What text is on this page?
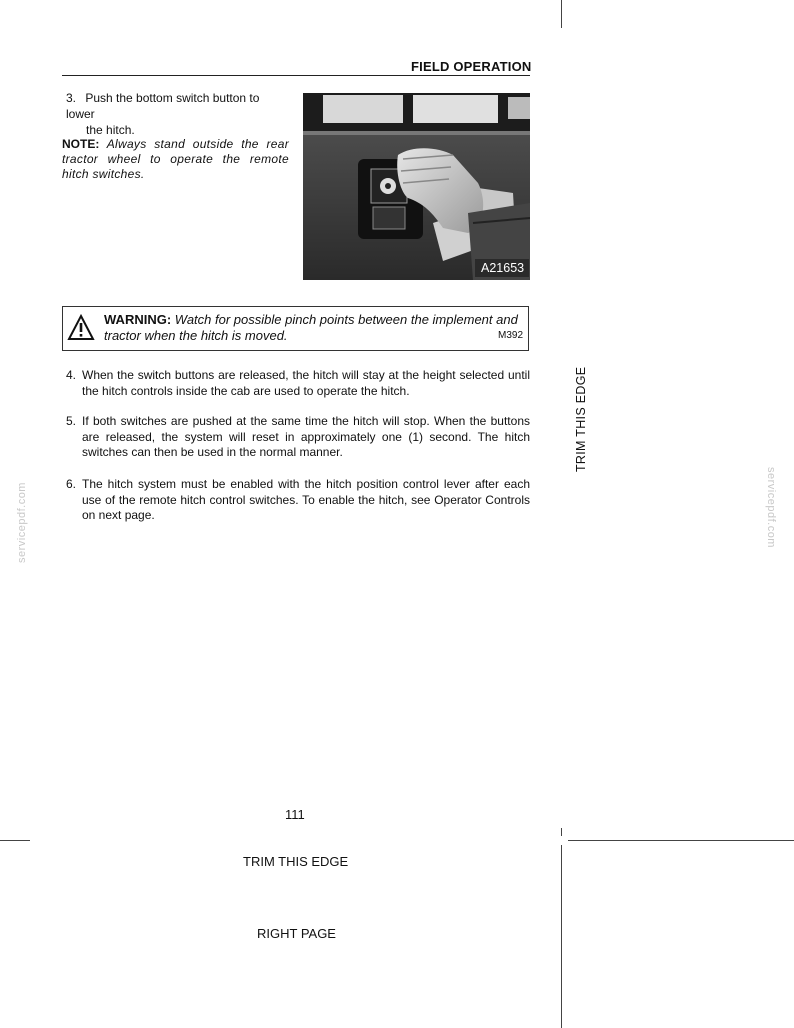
FIELD OPERATION
3. Push the bottom switch button to lower
the hitch.
NOTE: Always stand outside the rear tractor wheel to operate the remote hitch switches.
A21653
WARNING: Watch for possible pinch points between the implement and tractor when the hitch is moved.	M392
4. When the switch buttons are released, the hitch will stay at the height selected until the hitch controls inside the cab are used to operate the hitch.
5. If both switches are pushed at the same time the hitch will stop. When the buttons are released, the system will reset in approximately one (1) second. The hitch switches can then be used in the normal manner.
6. The hitch system must be enabled with the hitch position control lever after each use of the remote hitch control switches. To enable the hitch, see Operator Controls on next page.
111
TRIM THIS EDGE
RIGHT PAGE
TRIM THIS EDGE
servicepdf.com	servicepdf.com
